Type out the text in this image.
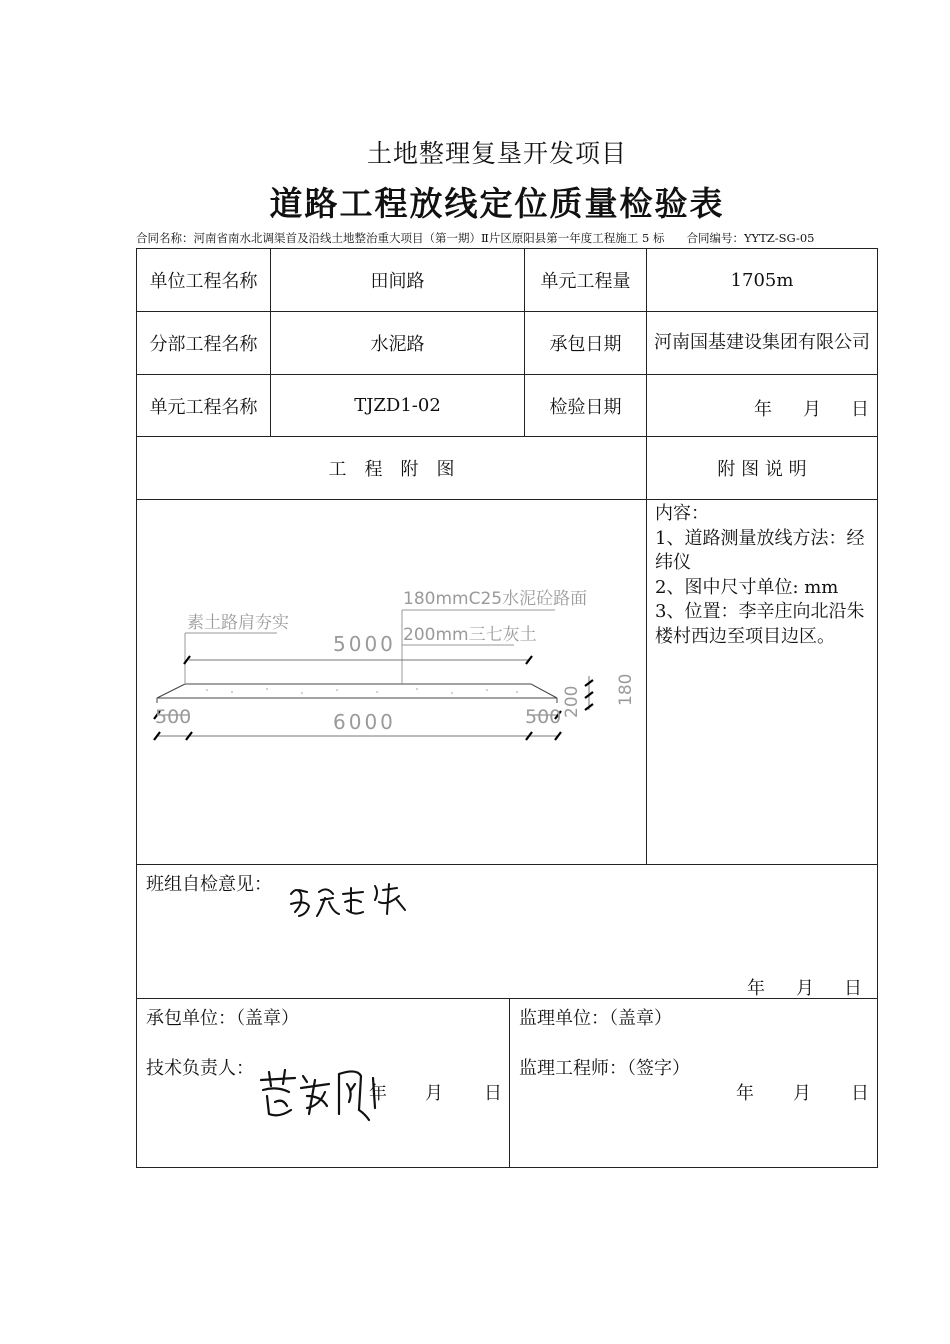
土地整理复垦开发项目
道路工程放线定位质量检验表
合同名称：河南省南水北调渠首及沿线土地整治重大项目（第一期）Ⅱ片区原阳县第一年度工程施工 5 标 合同编号：YYTZ-SG-05
单位工程名称	田间路	单元工程量	1705m
分部工程名称	水泥路	承包日期	河南国基建设集团有限公司
单元工程名称	TJZD1-02	检验日期	年 月 日
工　程　附　图	附 图 说 明
180mmC25水泥砼路面
200mm三七灰土
素土路肩夯实
5000
6000
500	500 200 180
内容：
1、道路测量放线方法：经纬仪
2、图中尺寸单位: mm
3、位置：李辛庄向北沿朱楼村西边至项目边区。
班组自检意见：
年 月 日
承包单位：（盖章）
技术负责人：
年 月 日
监理单位：（盖章）
监理工程师：（签字）
年 月 日
